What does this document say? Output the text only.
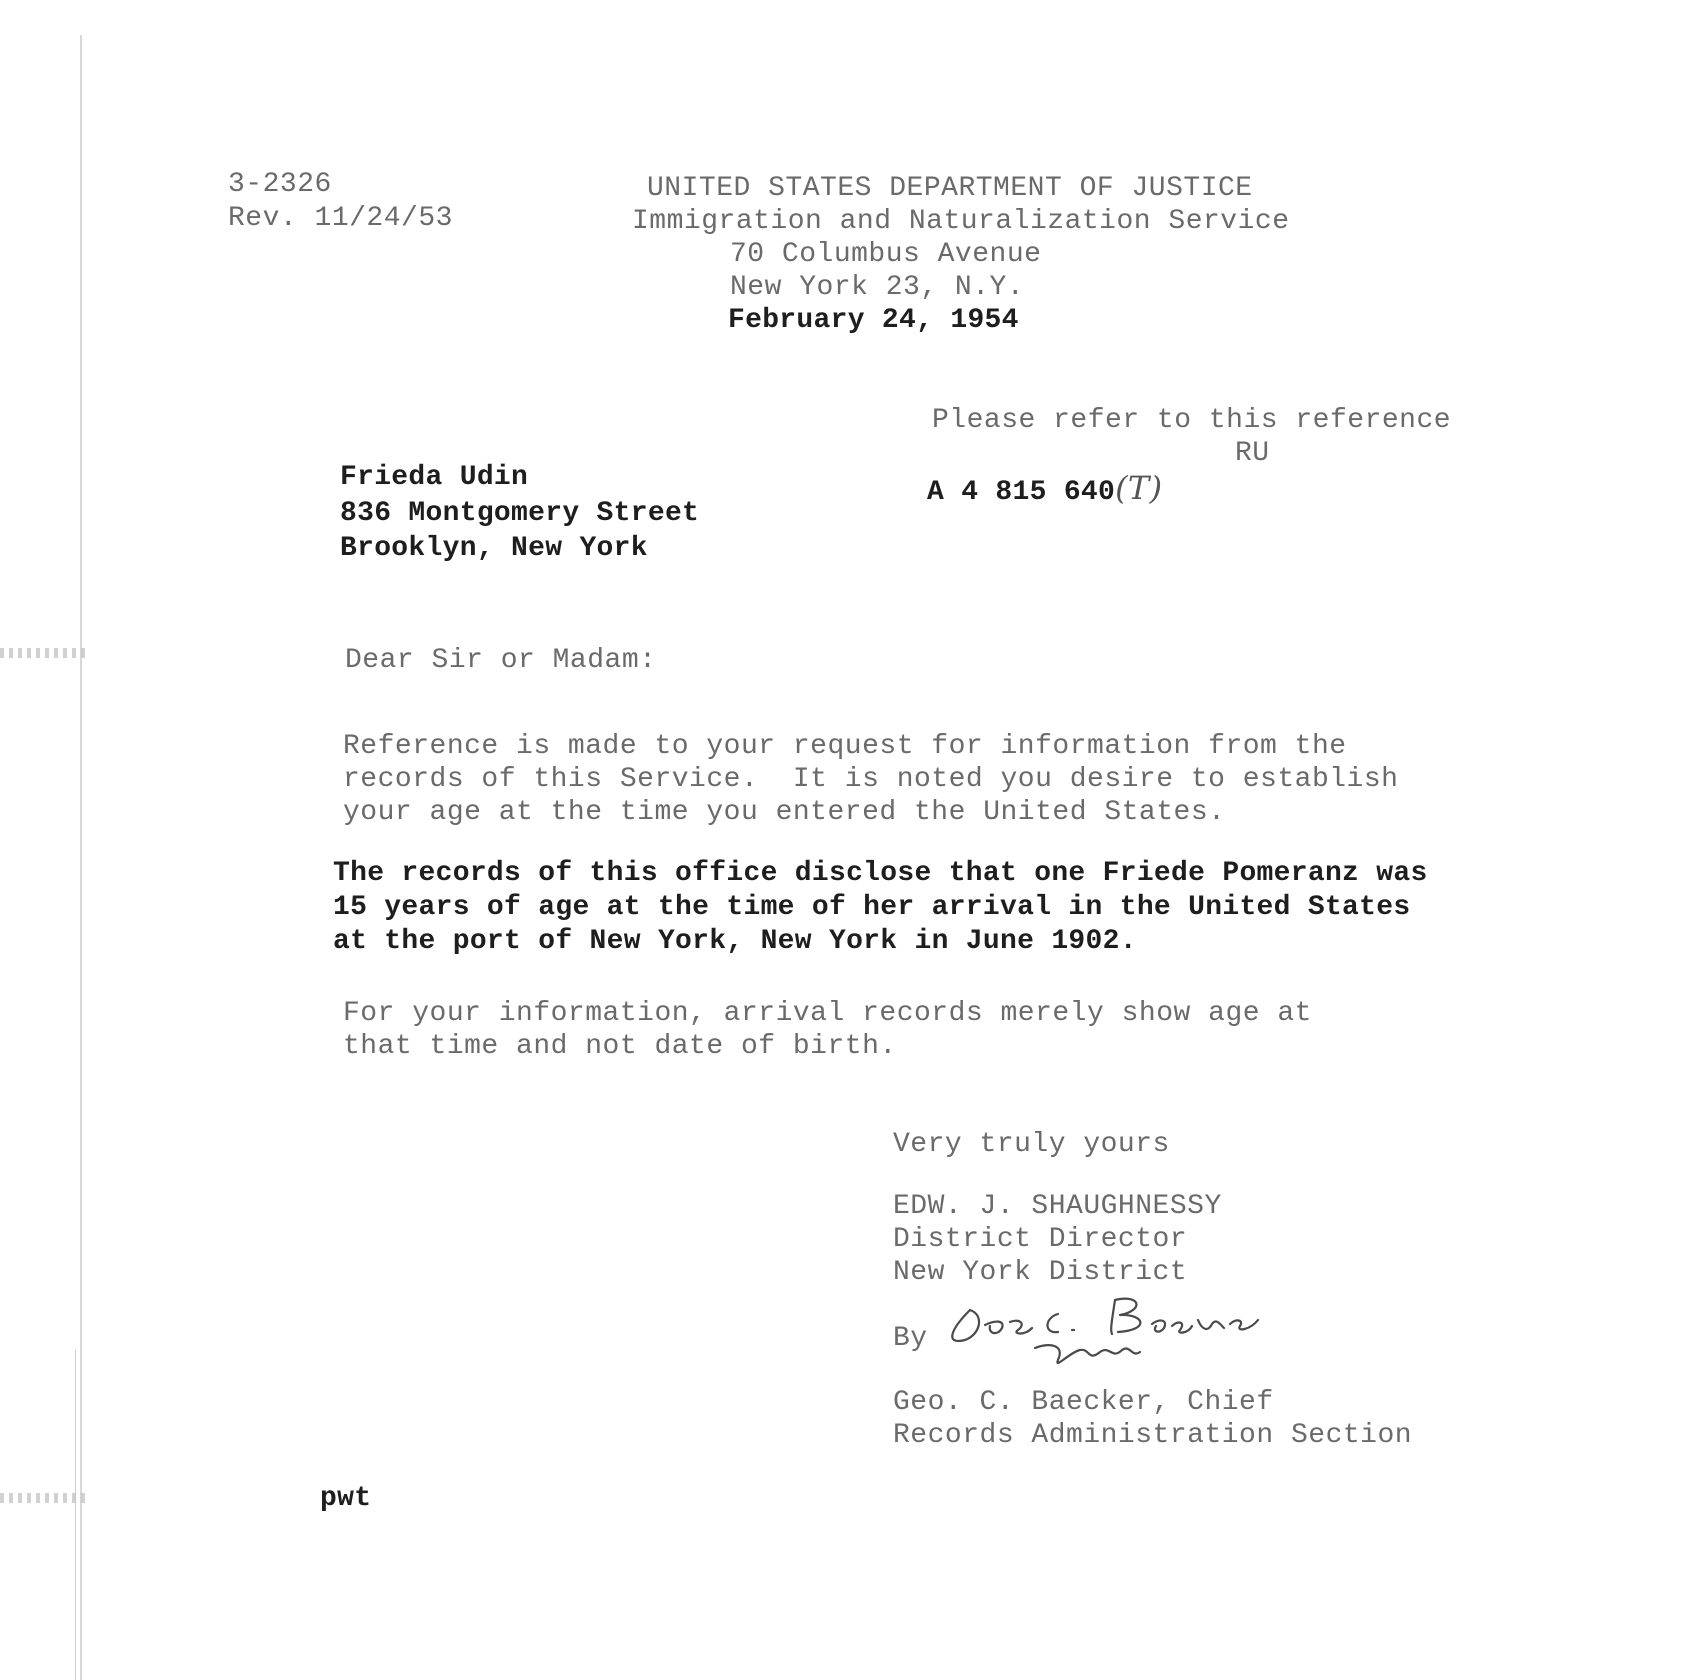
3-2326
Rev. 11/24/53
UNITED STATES DEPARTMENT OF JUSTICE
Immigration and Naturalization Service
70 Columbus Avenue
New York 23, N.Y.
February 24, 1954
Please refer to this reference
RU
A 4 815 640(T)
Frieda Udin
836 Montgomery Street
Brooklyn, New York
Dear Sir or Madam:
Reference is made to your request for information from the
records of this Service.  It is noted you desire to establish
your age at the time you entered the United States.
The records of this office disclose that one Friede Pomeranz was
15 years of age at the time of her arrival in the United States
at the port of New York, New York in June 1902.
For your information, arrival records merely show age at
that time and not date of birth.
Very truly yours
EDW. J. SHAUGHNESSY
District Director
New York District
By
Geo. C. Baecker, Chief
Records Administration Section
pwt
